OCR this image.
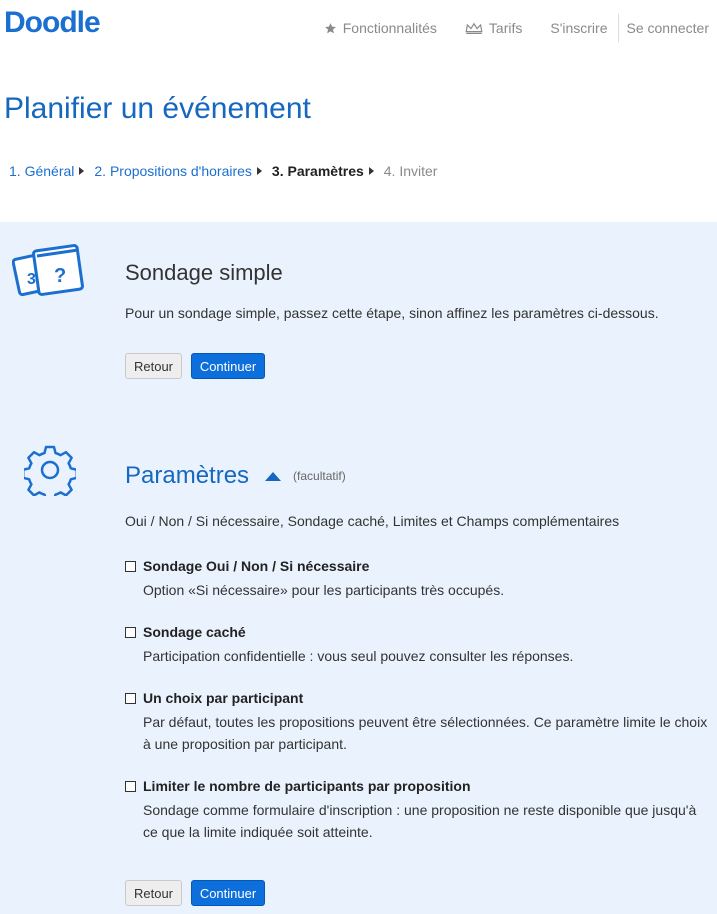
Doodle	Fonctionnalités	Tarifs S'inscrire Se connecter
Planifier un événement
1. Général 2. Propositions d'horaires 3. Paramètres 4. Inviter
?
3	Sondage simple
Pour un sondage simple, passez cette étape, sinon affinez les paramètres ci-dessous.
Retour	Continuer
Paramètres	(facultatif)
Oui / Non / Si nécessaire, Sondage caché, Limites et Champs complémentaires
Sondage Oui / Non / Si nécessaire
Option «Si nécessaire» pour les participants très occupés.
Sondage caché
Participation confidentielle : vous seul pouvez consulter les réponses.
Un choix par participant
Par défaut, toutes les propositions peuvent être sélectionnées. Ce paramètre limite le choix à une proposition par participant.
Limiter le nombre de participants par proposition
Sondage comme formulaire d'inscription : une proposition ne reste disponible que jusqu'à ce que la limite indiquée soit atteinte.
Retour	Continuer
